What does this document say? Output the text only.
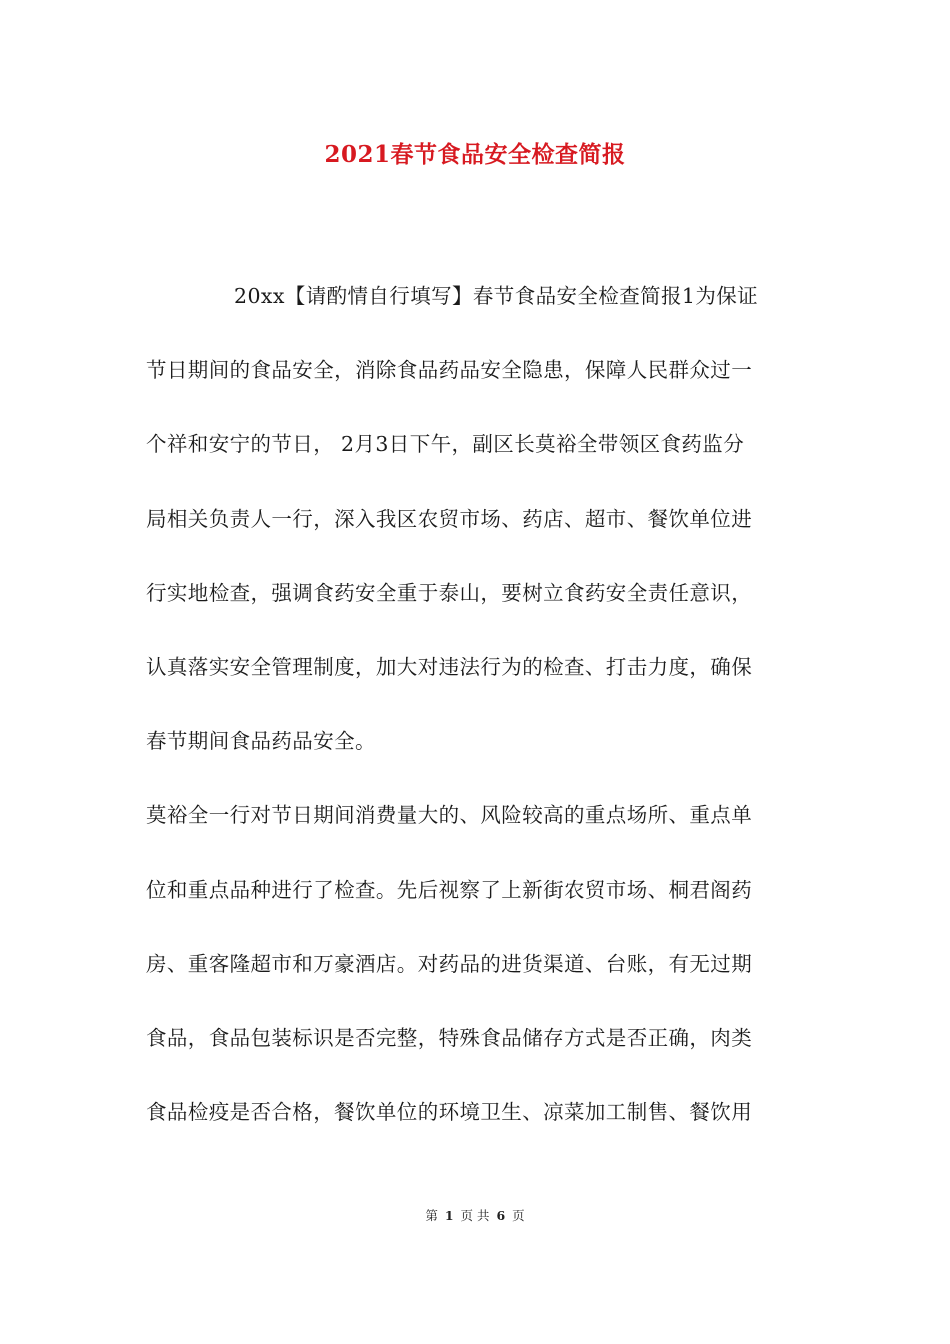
2021春节食品安全检查简报
20xx【请酌情自行填写】春节食品安全检查简报1为保证
节日期间的食品安全，消除食品药品安全隐患，保障人民群众过一
个祥和安宁的节日， 2月3日下午，副区长莫裕全带领区食药监分
局相关负责人一行，深入我区农贸市场、药店、超市、餐饮单位进
行实地检查，强调食药安全重于泰山，要树立食药安全责任意识，
认真落实安全管理制度，加大对违法行为的检查、打击力度，确保
春节期间食品药品安全。
莫裕全一行对节日期间消费量大的、风险较高的重点场所、重点单
位和重点品种进行了检查。先后视察了上新街农贸市场、桐君阁药
房、重客隆超市和万豪酒店。对药品的进货渠道、台账，有无过期
食品，食品包装标识是否完整，特殊食品储存方式是否正确，肉类
食品检疫是否合格，餐饮单位的环境卫生、凉菜加工制售、餐饮用
第 1 页 共 6 页
